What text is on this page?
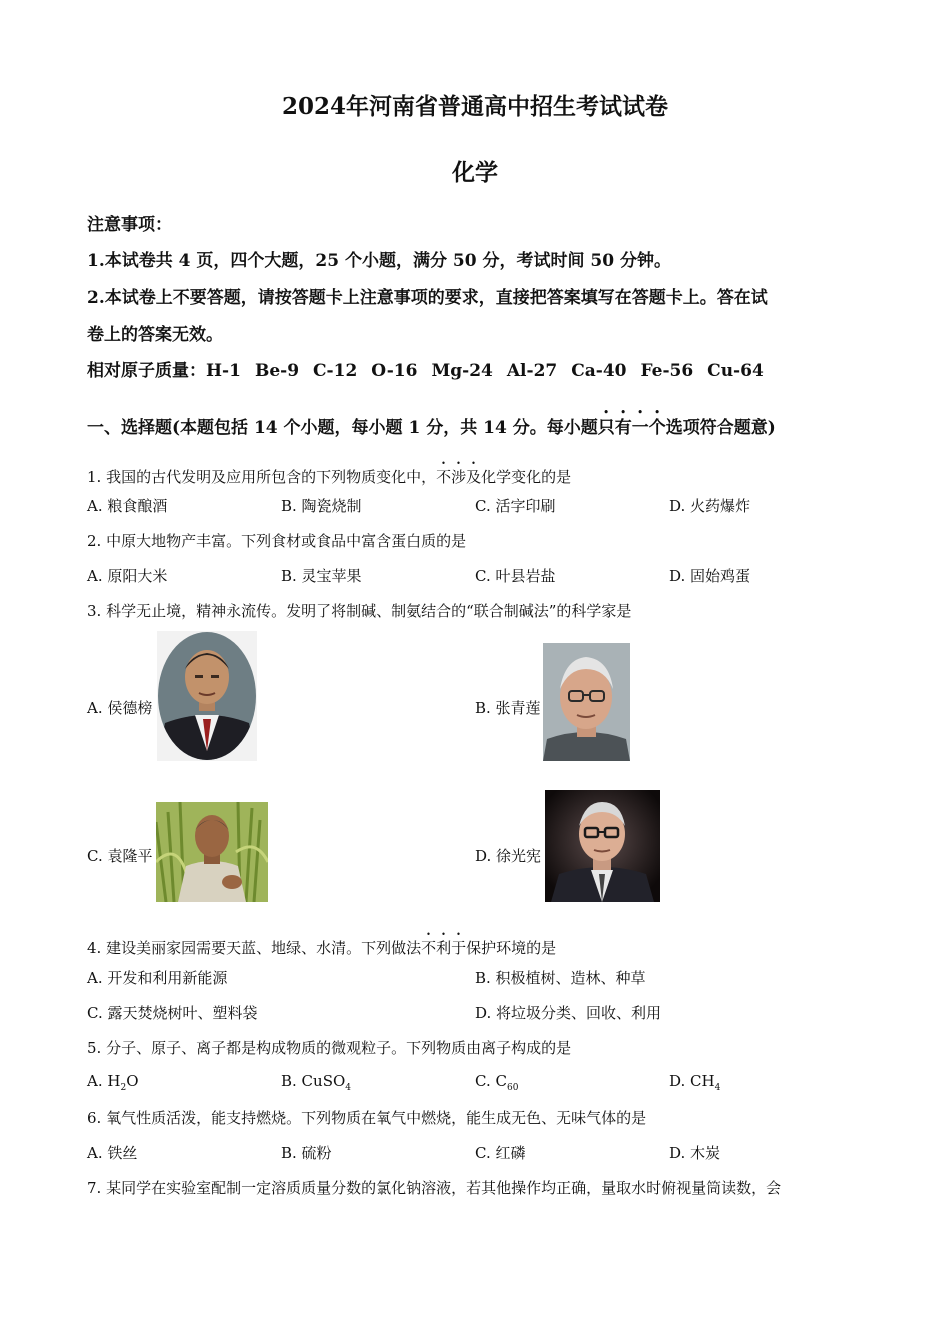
2024年河南省普通高中招生考试试卷
化学
注意事项：
1.本试卷共 4 页，四个大题，25 个小题，满分 50 分，考试时间 50 分钟。
2.本试卷上不要答题，请按答题卡上注意事项的要求，直接把答案填写在答题卡上。答在试
卷上的答案无效。
相对原子质量：H-1 Be-9 C-12 O-16 Mg-24 Al-27 Ca-40 Fe-56 Cu-64
一、选择题(本题包括 14 个小题，每小题 1 分，共 14 分。每小题只有一个选项符合题意)
1. 我国的古代发明及应用所包含的下列物质变化中，不涉及化学变化的是
A. 粮食酿酒	B. 陶瓷烧制	C. 活字印刷	D. 火药爆炸
2. 中原大地物产丰富。下列食材或食品中富含蛋白质的是
A. 原阳大米	B. 灵宝苹果	C. 叶县岩盐	D. 固始鸡蛋
3. 科学无止境，精神永流传。发明了将制碱、制氨结合的“联合制碱法”的科学家是
A. 侯德榜	B. 张青莲
C. 袁隆平	D. 徐光宪
4. 建设美丽家园需要天蓝、地绿、水清。下列做法不利于保护环境的是
A. 开发和利用新能源	B. 积极植树、造林、种草
C. 露天焚烧树叶、塑料袋	D. 将垃圾分类、回收、利用
5. 分子、原子、离子都是构成物质的微观粒子。下列物质由离子构成的是
A. $H_2O$	B. CuSO$_4$	C. $C_{60}$	D. $CH_4$
6. 氧气性质活泼，能支持燃烧。下列物质在氧气中燃烧，能生成无色、无味气体的是
A. 铁丝	B. 硫粉	C. 红磷	D. 木炭
7. 某同学在实验室配制一定溶质质量分数的氯化钠溶液，若其他操作均正确，量取水时俯视量筒读数，会
